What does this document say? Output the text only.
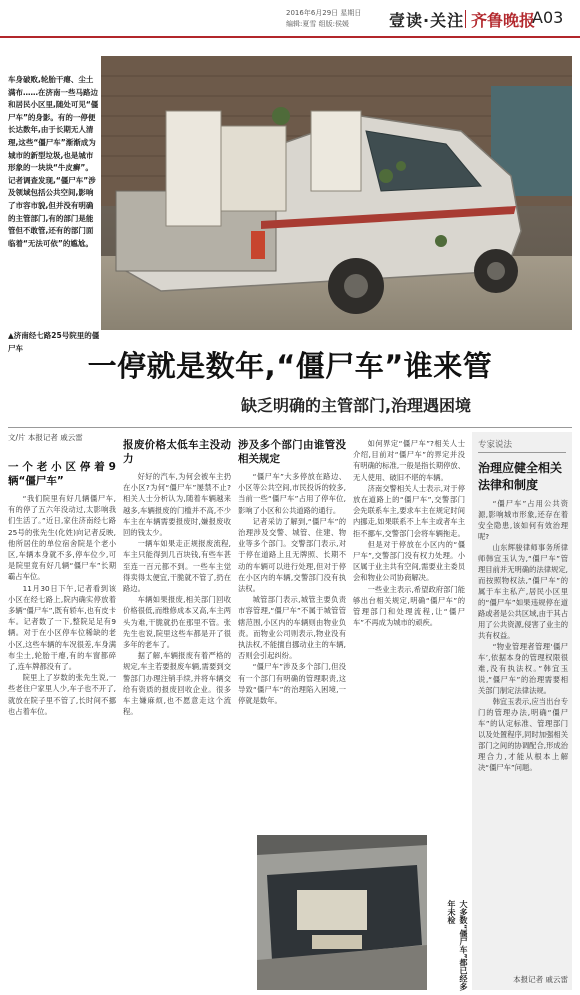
2016年6月29日 星期日
编辑:夏雪 组版:侯媛	壹读·关注 齐鲁晚报
A03
车身破败,轮胎干瘪、尘土满布……在济南一些马路边和居民小区里,随处可见“僵尸车”的身影。有的一停便长达数年,由于长期无人清理,这些“僵尸车”渐渐成为城市的新型垃圾,也是城市形象的一块块“牛皮癣”。记者调查发现,“僵尸车”涉及领域包括公共空间,影响了市容市貌,但并没有明确的主管部门,有的部门是能管但不敢管,还有的部门面临着“无法可依”的尴尬。
▲济南经七路25号院里的僵尸车
一停就是数年,“僵尸车”谁来管
缺乏明确的主管部门,治理遇困境
文/片 本报记者 戚云雷
一个老小区停着9辆“僵尸车”

“我们院里有好几辆僵尸车,有的停了五六年没动过,太影响我们生活了。”近日,家住济南经七路25号的张先生(化姓)向记者反映,他所居住的单位宿舍院是个老小区,车辆本身就不多,停车位少,可是院里竟有好几辆“僵尸车”长期霸占车位。

11月30日下午,记者看到该小区在经七路上,院内确实停放着多辆“僵尸车”,既有轿车,也有皮卡车。记者数了一下,整院足足有9辆。对于在小区停车位稀缺的老小区,这些车辆的车况很差,车身满布尘土,轮胎干瘪,有的车窗都碎了,连车牌都没有了。

院里上了岁数的张先生说,一些老住户家里人少,车子也不开了,就放在院子里不管了,长时间不挪也占着车位。

报废价格太低车主没动力

好好的汽车,为何会被车主扔在小区?为何“僵尸车”屡禁不止?相关人士分析认为,随着车辆越来越多,车辆报废的门槛并不高,不少车主在车辆需要报废时,嫌报废收回的钱太少。

一辆车如果走正规报废流程,车主只能得到几百块钱,有些车甚至连一百元都不到。一些车主觉得卖得太便宜,干脆就不管了,扔在路边。

车辆如果报废,相关部门回收价格很低,而维修成本又高,车主两头为难,干脆就扔在那里不管。张先生也说,院里这些车都是开了很多年的老车了。

据了解,车辆报废有着严格的规定,车主若要报废车辆,需要到交警部门办理注销手续,并将车辆交给有资质的报废回收企业。很多车主嫌麻烦,也不愿意走这个流程。

涉及多个部门由谁管没相关规定

“僵尸车”大多停放在路边、小区等公共空间,市民投诉的较多,当前一些“僵尸车”占用了停车位,影响了小区和公共道路的通行。

记者采访了解到,“僵尸车”的治理涉及交警、城管、住建、物业等多个部门。交警部门表示,对于停在道路上且无牌照、长期不动的车辆可以进行处理,但对于停在小区内的车辆,交警部门没有执法权。

城管部门表示,城管主要负责市容管理,“僵尸车”不属于城管管辖范围,小区内的车辆则由物业负责。而物业公司则表示,物业没有执法权,不能擅自挪动业主的车辆,否则会引起纠纷。

“僵尸车”涉及多个部门,但没有一个部门有明确的管理职责,这导致“僵尸车”的治理陷入困境,一停就是数年。

如何界定“僵尸车”?相关人士介绍,目前对“僵尸车”的界定并没有明确的标准,一般是指长期停放、无人使用、破旧不堪的车辆。

济南交警相关人士表示,对于停放在道路上的“僵尸车”,交警部门会先联系车主,要求车主在规定时间内挪走,如果联系不上车主或者车主拒不挪车,交警部门会将车辆拖走。

但是对于停放在小区内的“僵尸车”,交警部门没有权力处理。小区属于业主共有空间,需要业主委员会和物业公司协商解决。

一些业主表示,希望政府部门能够出台相关规定,明确“僵尸车”的管理部门和处理流程,让“僵尸车”不再成为城市的顽疾。

大多数“僵尸车”都已经多年未检
专家说法
治理应健全相关法律和制度

“僵尸车”占用公共资源,影响城市形象,还存在着安全隐患,该如何有效治理呢?

山东辉骏律师事务所律师韩宜玉认为,“僵尸车”管理目前并无明确的法律规定,而按照物权法,“僵尸车”的属于车主私产,居民小区里的“僵尸车”如果违规停在道路或者是公共区域,由于其占用了公共资源,侵害了业主的共有权益。

“物业管理者管理‘僵尸车’,依据本身的管理权限很难,没有执法权。”韩宜玉说,“僵尸车”的治理需要相关部门制定法律法规。

韩宜玉表示,应当出台专门的管理办法,明确“僵尸车”的认定标准、管理部门以及处置程序,同时加强相关部门之间的协调配合,形成治理合力,才能从根本上解决“僵尸车”问题。

本报记者 戚云雷
